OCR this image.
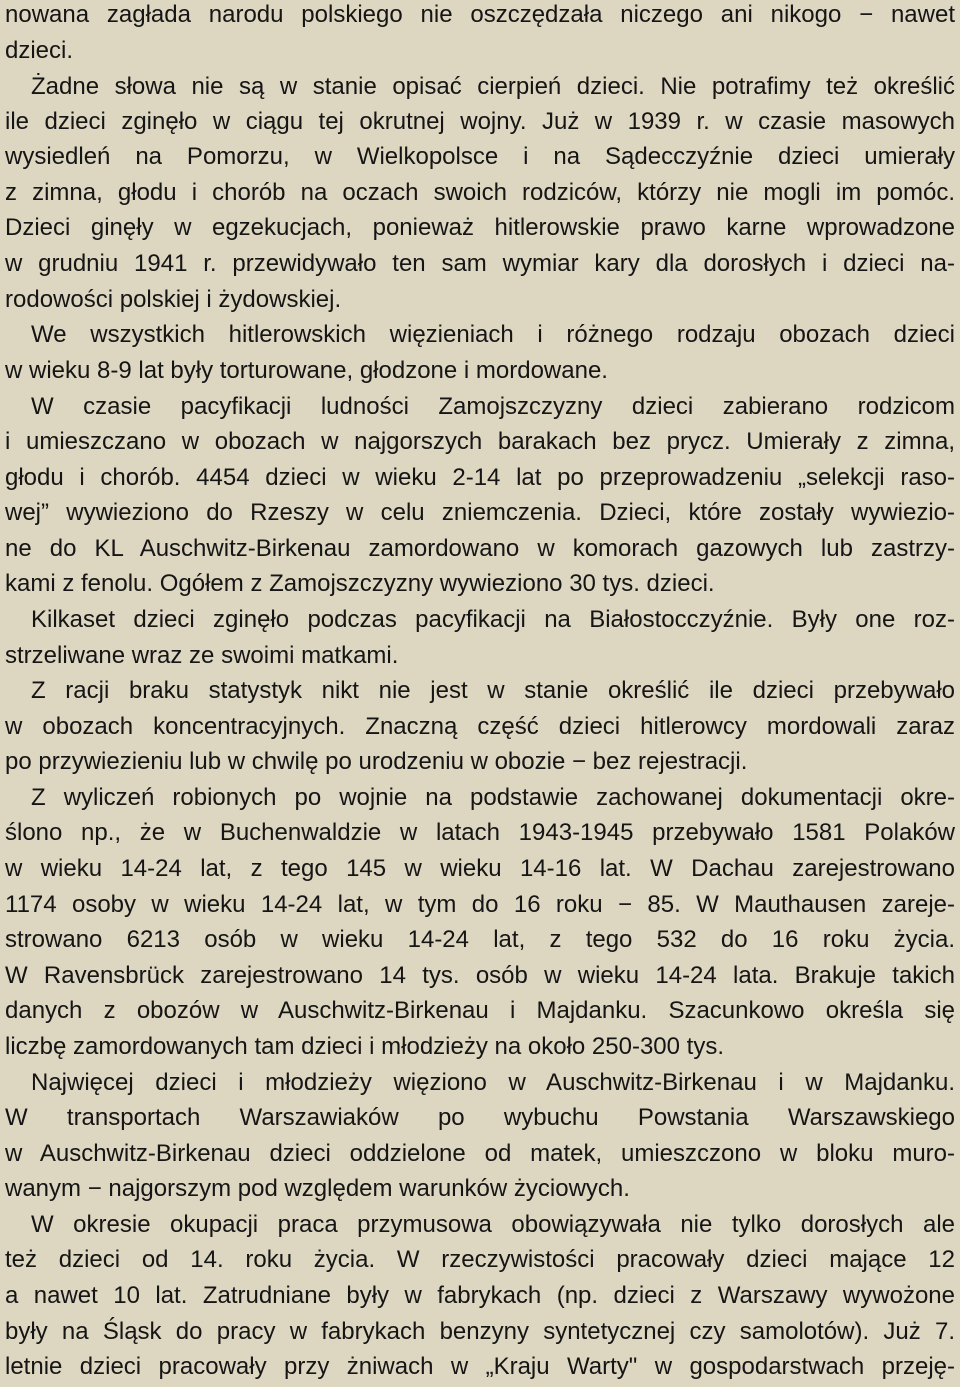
nowana zagłada narodu polskiego nie oszczędzała niczego ani nikogo − nawet
dzieci.
Żadne słowa nie są w stanie opisać cierpień dzieci. Nie potrafimy też określić
ile dzieci zginęło w ciągu tej okrutnej wojny. Już w 1939 r. w czasie masowych
wysiedleń na Pomorzu, w Wielkopolsce i na Sądecczyźnie dzieci umierały
z zimna, głodu i chorób na oczach swoich rodziców, którzy nie mogli im pomóc.
Dzieci ginęły w egzekucjach, ponieważ hitlerowskie prawo karne wprowadzone
w grudniu 1941 r. przewidywało ten sam wymiar kary dla dorosłych i dzieci na-
rodowości polskiej i żydowskiej.
We wszystkich hitlerowskich więzieniach i różnego rodzaju obozach dzieci
w wieku 8-9 lat były torturowane, głodzone i mordowane.
W czasie pacyfikacji ludności Zamojszczyzny dzieci zabierano rodzicom
i umieszczano w obozach w najgorszych barakach bez prycz. Umierały z zimna,
głodu i chorób. 4454 dzieci w wieku 2-14 lat po przeprowadzeniu „selekcji raso-
wej” wywieziono do Rzeszy w celu zniemczenia. Dzieci, które zostały wywiezio-
ne do KL Auschwitz-Birkenau zamordowano w komorach gazowych lub zastrzy-
kami z fenolu. Ogółem z Zamojszczyzny wywieziono 30 tys. dzieci.
Kilkaset dzieci zginęło podczas pacyfikacji na Białostocczyźnie. Były one roz-
strzeliwane wraz ze swoimi matkami.
Z racji braku statystyk nikt nie jest w stanie określić ile dzieci przebywało
w obozach koncentracyjnych. Znaczną część dzieci hitlerowcy mordowali zaraz
po przywiezieniu lub w chwilę po urodzeniu w obozie − bez rejestracji.
Z wyliczeń robionych po wojnie na podstawie zachowanej dokumentacji okre-
ślono np., że w Buchenwaldzie w latach 1943-1945 przebywało 1581 Polaków
w wieku 14-24 lat, z tego 145 w wieku 14-16 lat. W Dachau zarejestrowano
1174 osoby w wieku 14-24 lat, w tym do 16 roku − 85. W Mauthausen zareje-
strowano 6213 osób w wieku 14-24 lat, z tego 532 do 16 roku życia.
W Ravensbrück zarejestrowano 14 tys. osób w wieku 14-24 lata. Brakuje takich
danych z obozów w Auschwitz-Birkenau i Majdanku. Szacunkowo określa się
liczbę zamordowanych tam dzieci i młodzieży na około 250-300 tys.
Najwięcej dzieci i młodzieży więziono w Auschwitz-Birkenau i w Majdanku.
W transportach Warszawiaków po wybuchu Powstania Warszawskiego
w Auschwitz-Birkenau dzieci oddzielone od matek, umieszczono w bloku muro-
wanym − najgorszym pod względem warunków życiowych.
W okresie okupacji praca przymusowa obowiązywała nie tylko dorosłych ale
też dzieci od 14. roku życia. W rzeczywistości pracowały dzieci mające 12
a nawet 10 lat. Zatrudniane były w fabrykach (np. dzieci z Warszawy wywożone
były na Śląsk do pracy w fabrykach benzyny syntetycznej czy samolotów). Już 7.
letnie dzieci pracowały przy żniwach w „Kraju Warty" w gospodarstwach przeję-
